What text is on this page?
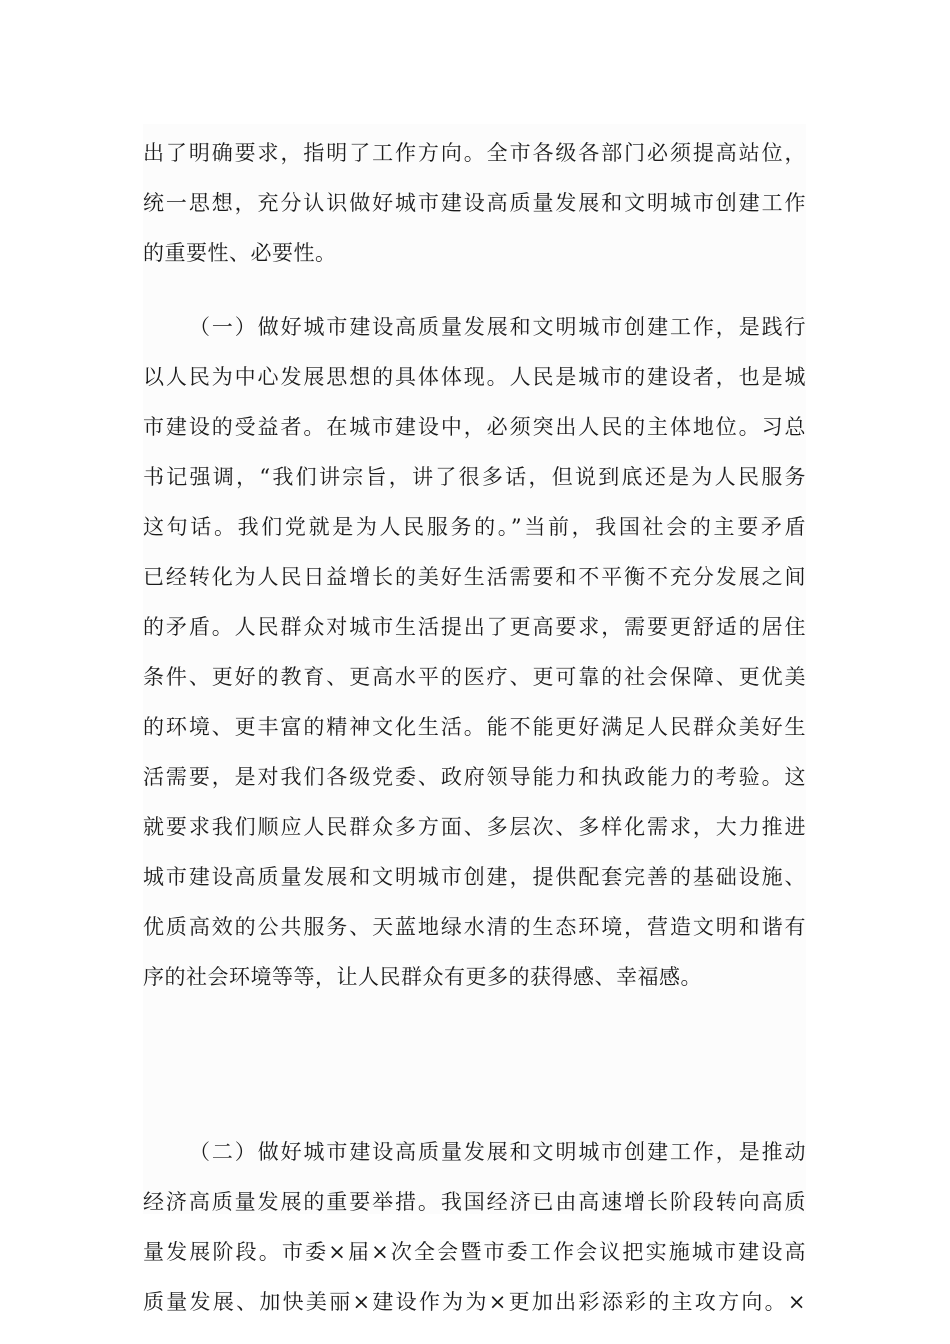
出了明确要求，指明了工作方向。全市各级各部门必须提高站位，
统一思想，充分认识做好城市建设高质量发展和文明城市创建工作
的重要性、必要性。
（一）做好城市建设高质量发展和文明城市创建工作，是践行
以人民为中心发展思想的具体体现。人民是城市的建设者，也是城
市建设的受益者。在城市建设中，必须突出人民的主体地位。习总
书记强调，“我们讲宗旨，讲了很多话，但说到底还是为人民服务
这句话。我们党就是为人民服务的。”当前，我国社会的主要矛盾
已经转化为人民日益增长的美好生活需要和不平衡不充分发展之间
的矛盾。人民群众对城市生活提出了更高要求，需要更舒适的居住
条件、更好的教育、更高水平的医疗、更可靠的社会保障、更优美
的环境、更丰富的精神文化生活。能不能更好满足人民群众美好生
活需要，是对我们各级党委、政府领导能力和执政能力的考验。这
就要求我们顺应人民群众多方面、多层次、多样化需求，大力推进
城市建设高质量发展和文明城市创建，提供配套完善的基础设施、
优质高效的公共服务、天蓝地绿水清的生态环境，营造文明和谐有
序的社会环境等等，让人民群众有更多的获得感、幸福感。
（二）做好城市建设高质量发展和文明城市创建工作，是推动
经济高质量发展的重要举措。我国经济已由高速增长阶段转向高质
量发展阶段。市委×届×次全会暨市委工作会议把实施城市建设高
质量发展、加快美丽×建设作为为×更加出彩添彩的主攻方向。×
